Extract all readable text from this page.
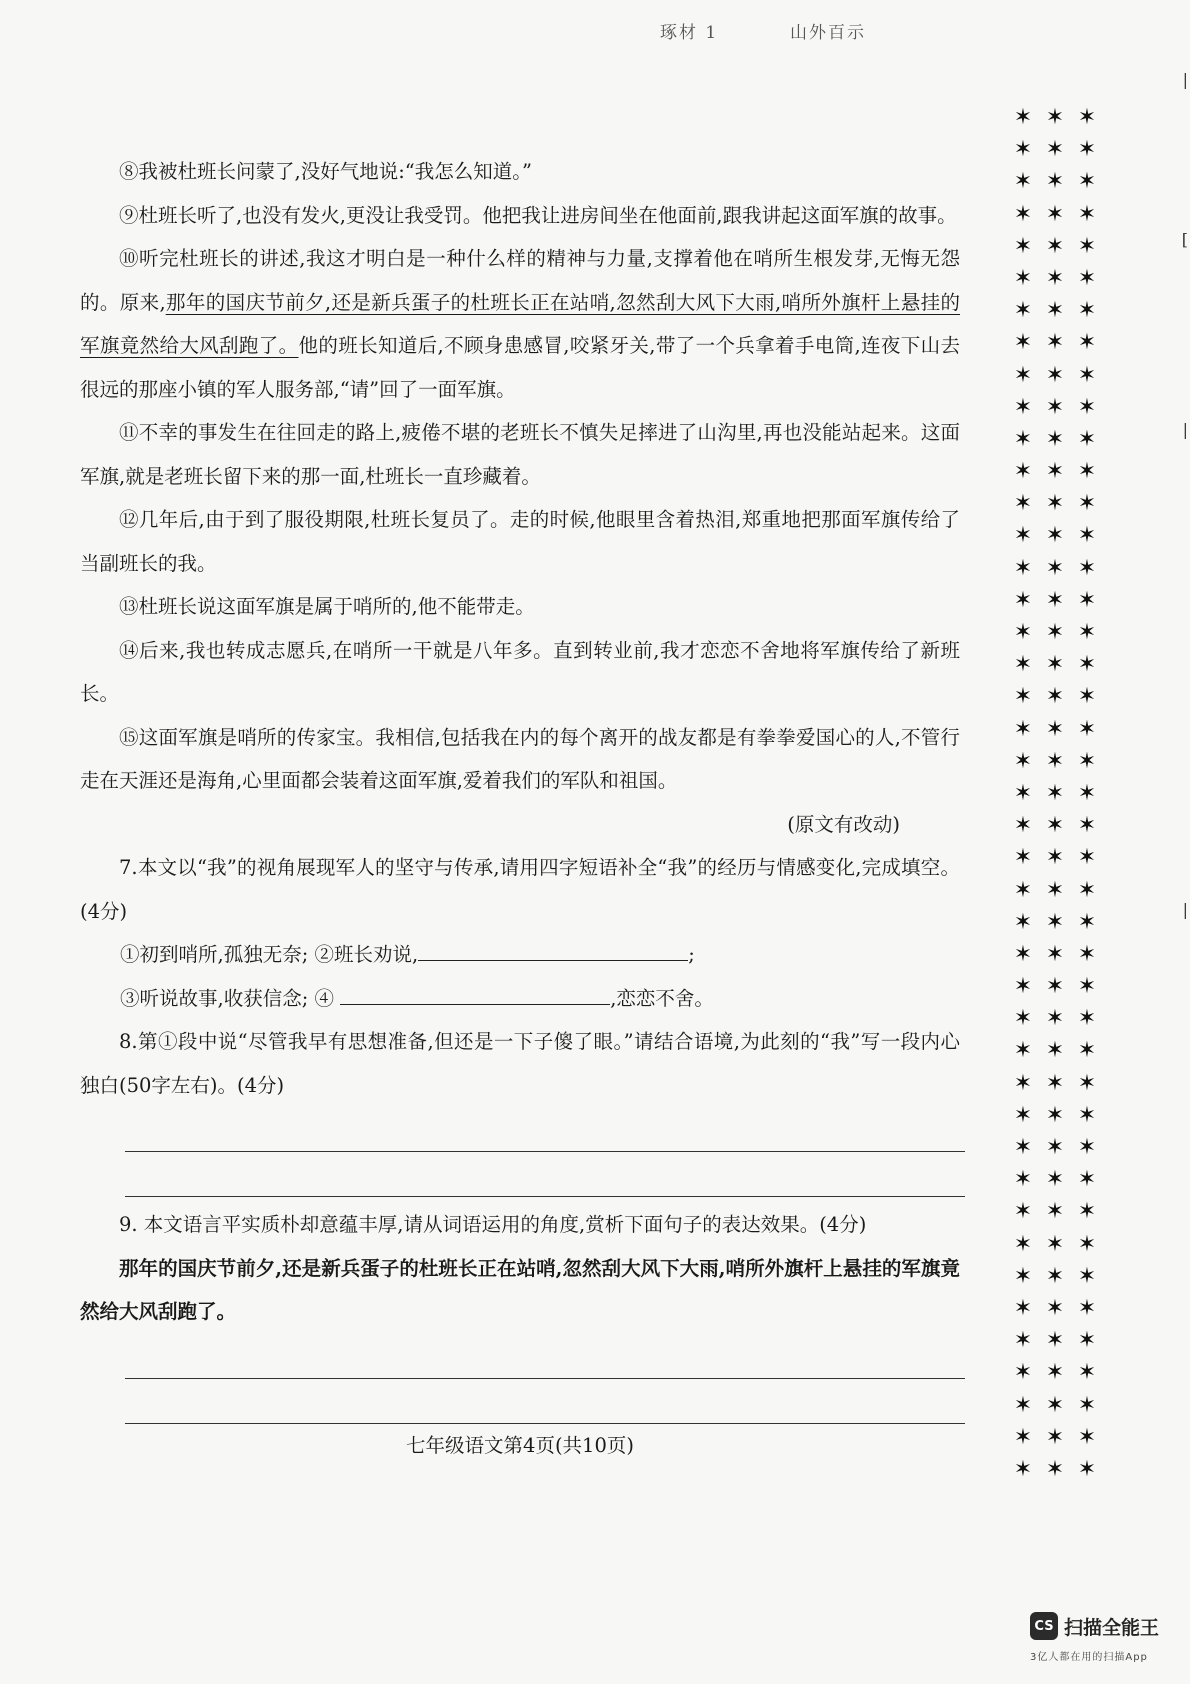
琢材 1	山外百示

⑧我被杜班长问蒙了,没好气地说:“我怎么知道。”

⑨杜班长听了,也没有发火,更没让我受罚。他把我让进房间坐在他面前,跟我讲起这面军旗的故事。

⑩听完杜班长的讲述,我这才明白是一种什么样的精神与力量,支撑着他在哨所生根发芽,无悔无怨的。原来,那年的国庆节前夕,还是新兵蛋子的杜班长正在站哨,忽然刮大风下大雨,哨所外旗杆上悬挂的军旗竟然给大风刮跑了。他的班长知道后,不顾身患感冒,咬紧牙关,带了一个兵拿着手电筒,连夜下山去很远的那座小镇的军人服务部,“请”回了一面军旗。

⑪不幸的事发生在往回走的路上,疲倦不堪的老班长不慎失足摔进了山沟里,再也没能站起来。这面军旗,就是老班长留下来的那一面,杜班长一直珍藏着。

⑫几年后,由于到了服役期限,杜班长复员了。走的时候,他眼里含着热泪,郑重地把那面军旗传给了当副班长的我。

⑬杜班长说这面军旗是属于哨所的,他不能带走。

⑭后来,我也转成志愿兵,在哨所一干就是八年多。直到转业前,我才恋恋不舍地将军旗传给了新班长。

⑮这面军旗是哨所的传家宝。我相信,包括我在内的每个离开的战友都是有拳拳爱国心的人,不管行走在天涯还是海角,心里面都会装着这面军旗,爱着我们的军队和祖国。

(原文有改动)

7.本文以“我”的视角展现军人的坚守与传承,请用四字短语补全“我”的经历与情感变化,完成填空。(4分)

①初到哨所,孤独无奈; ②班长劝说,	;

③听说故事,收获信念; ④	,恋恋不舍。

8.第①段中说“尽管我早有思想准备,但还是一下子傻了眼。”请结合语境,为此刻的“我”写一段内心独白(50字左右)。(4分)

9. 本文语言平实质朴却意蕴丰厚,请从词语运用的角度,赏析下面句子的表达效果。(4分)

那年的国庆节前夕,还是新兵蛋子的杜班长正在站哨,忽然刮大风下大雨,哨所外旗杆上悬挂的军旗竟然给大风刮跑了。

七年级语文第4页(共10页)
✶ ✶ ✶
✶ ✶ ✶
✶ ✶ ✶
✶ ✶ ✶
✶ ✶ ✶
✶ ✶ ✶
✶ ✶ ✶
✶ ✶ ✶
✶ ✶ ✶
✶ ✶ ✶
✶ ✶ ✶
✶ ✶ ✶
✶ ✶ ✶
✶ ✶ ✶
✶ ✶ ✶
✶ ✶ ✶
✶ ✶ ✶
✶ ✶ ✶
✶ ✶ ✶
✶ ✶ ✶
✶ ✶ ✶
✶ ✶ ✶
✶ ✶ ✶
✶ ✶ ✶
✶ ✶ ✶
✶ ✶ ✶
✶ ✶ ✶
✶ ✶ ✶
✶ ✶ ✶
✶ ✶ ✶
✶ ✶ ✶
✶ ✶ ✶
✶ ✶ ✶
✶ ✶ ✶
✶ ✶ ✶
✶ ✶ ✶
✶ ✶ ✶
✶ ✶ ✶
✶ ✶ ✶
✶ ✶ ✶
✶ ✶ ✶
✶ ✶ ✶
✶ ✶ ✶
|
[
|
|
CS 扫描全能王
3亿人都在用的扫描App
